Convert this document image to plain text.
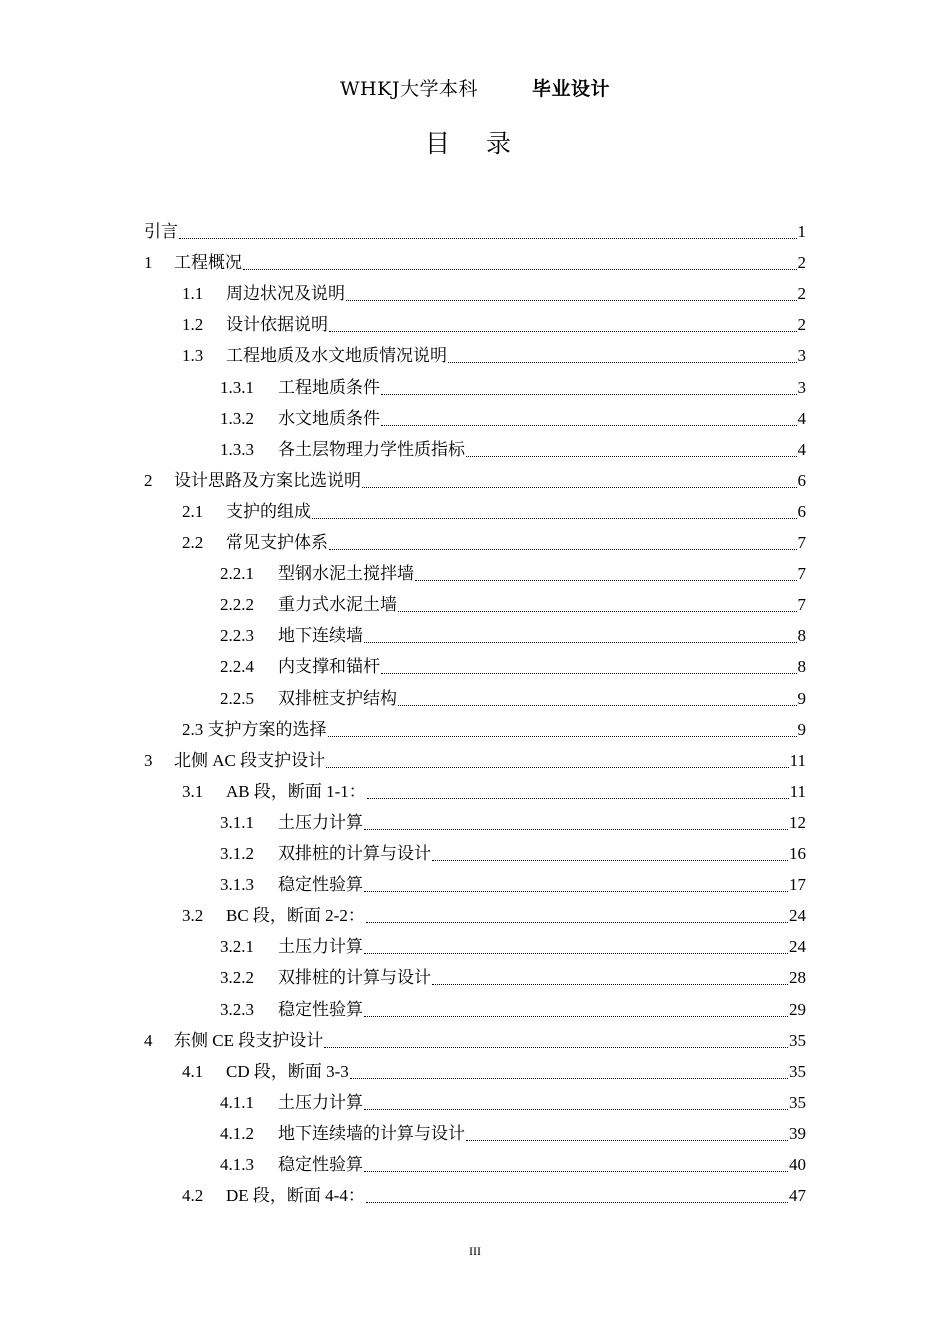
WHKJ大学本科	毕业设计
目 录
引言	1
1	工程概况	2
1.1	周边状况及说明	2
1.2	设计依据说明	2
1.3	工程地质及水文地质情况说明	3
1.3.1	工程地质条件	3
1.3.2	水文地质条件	4
1.3.3	各土层物理力学性质指标	4
2	设计思路及方案比选说明	6
2.1	支护的组成	6
2.2	常见支护体系	7
2.2.1	型钢水泥土搅拌墙	7
2.2.2	重力式水泥土墙	7
2.2.3	地下连续墙	8
2.2.4	内支撑和锚杆	8
2.2.5	双排桩支护结构	9
2.3 支护方案的选择	9
3	北侧 AC 段支护设计	11
3.1	AB 段，断面 1-1：	11
3.1.1	土压力计算	12
3.1.2	双排桩的计算与设计	16
3.1.3	稳定性验算	17
3.2	BC 段，断面 2-2：	24
3.2.1	土压力计算	24
3.2.2	双排桩的计算与设计	28
3.2.3	稳定性验算	29
4	东侧 CE 段支护设计	35
4.1	CD 段，断面 3-3	35
4.1.1	土压力计算	35
4.1.2	地下连续墙的计算与设计	39
4.1.3	稳定性验算	40
4.2	DE 段，断面 4-4：	47
III
